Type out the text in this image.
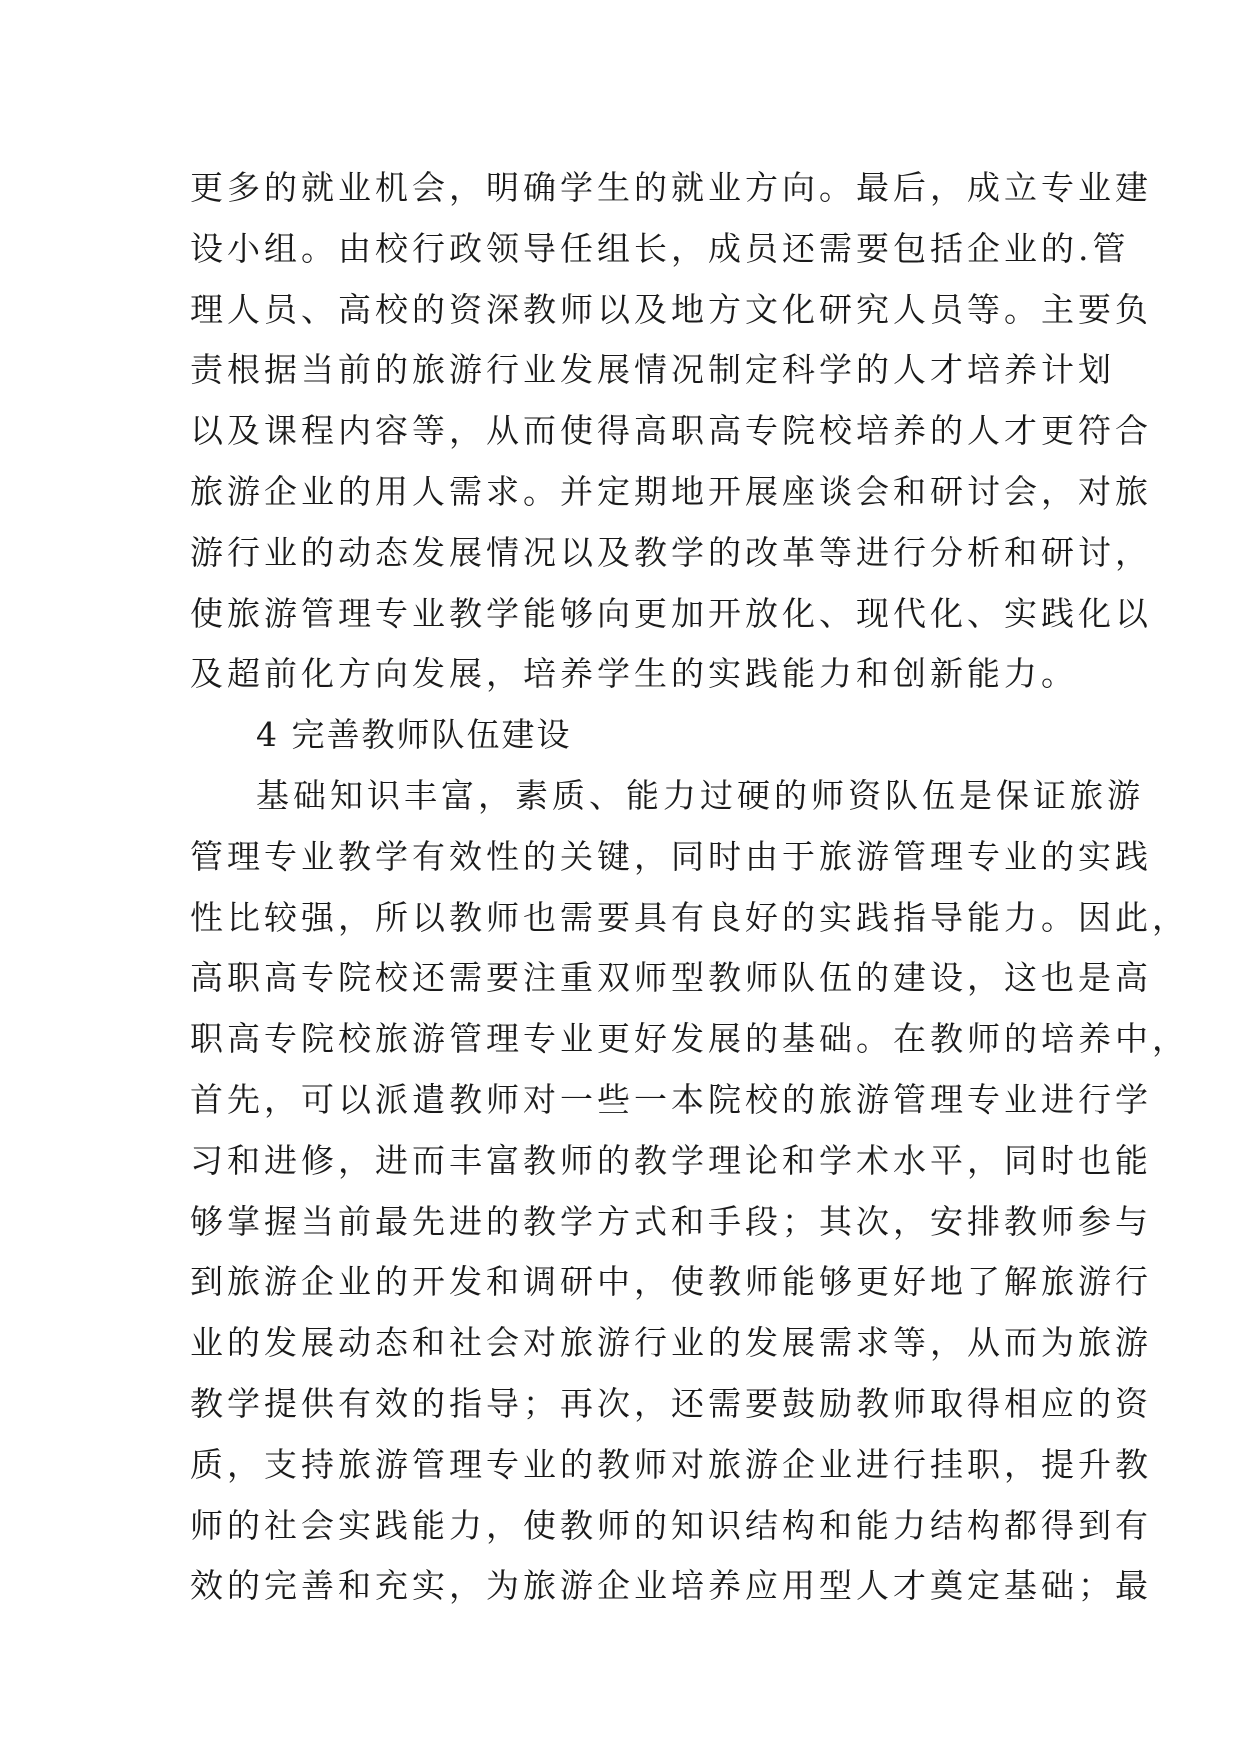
更多的就业机会，明确学生的就业方向。最后，成立专业建
设小组。由校行政领导任组长，成员还需要包括企业的.管
理人员、高校的资深教师以及地方文化研究人员等。主要负
责根据当前的旅游行业发展情况制定科学的人才培养计划
以及课程内容等，从而使得高职高专院校培养的人才更符合
旅游企业的用人需求。并定期地开展座谈会和研讨会，对旅
游行业的动态发展情况以及教学的改革等进行分析和研讨，
使旅游管理专业教学能够向更加开放化、现代化、实践化以
及超前化方向发展，培养学生的实践能力和创新能力。
4 完善教师队伍建设
基础知识丰富，素质、能力过硬的师资队伍是保证旅游
管理专业教学有效性的关键，同时由于旅游管理专业的实践
性比较强，所以教师也需要具有良好的实践指导能力。因此，
高职高专院校还需要注重双师型教师队伍的建设，这也是高
职高专院校旅游管理专业更好发展的基础。在教师的培养中，
首先，可以派遣教师对一些一本院校的旅游管理专业进行学
习和进修，进而丰富教师的教学理论和学术水平，同时也能
够掌握当前最先进的教学方式和手段；其次，安排教师参与
到旅游企业的开发和调研中，使教师能够更好地了解旅游行
业的发展动态和社会对旅游行业的发展需求等，从而为旅游
教学提供有效的指导；再次，还需要鼓励教师取得相应的资
质，支持旅游管理专业的教师对旅游企业进行挂职，提升教
师的社会实践能力，使教师的知识结构和能力结构都得到有
效的完善和充实，为旅游企业培养应用型人才奠定基础；最
